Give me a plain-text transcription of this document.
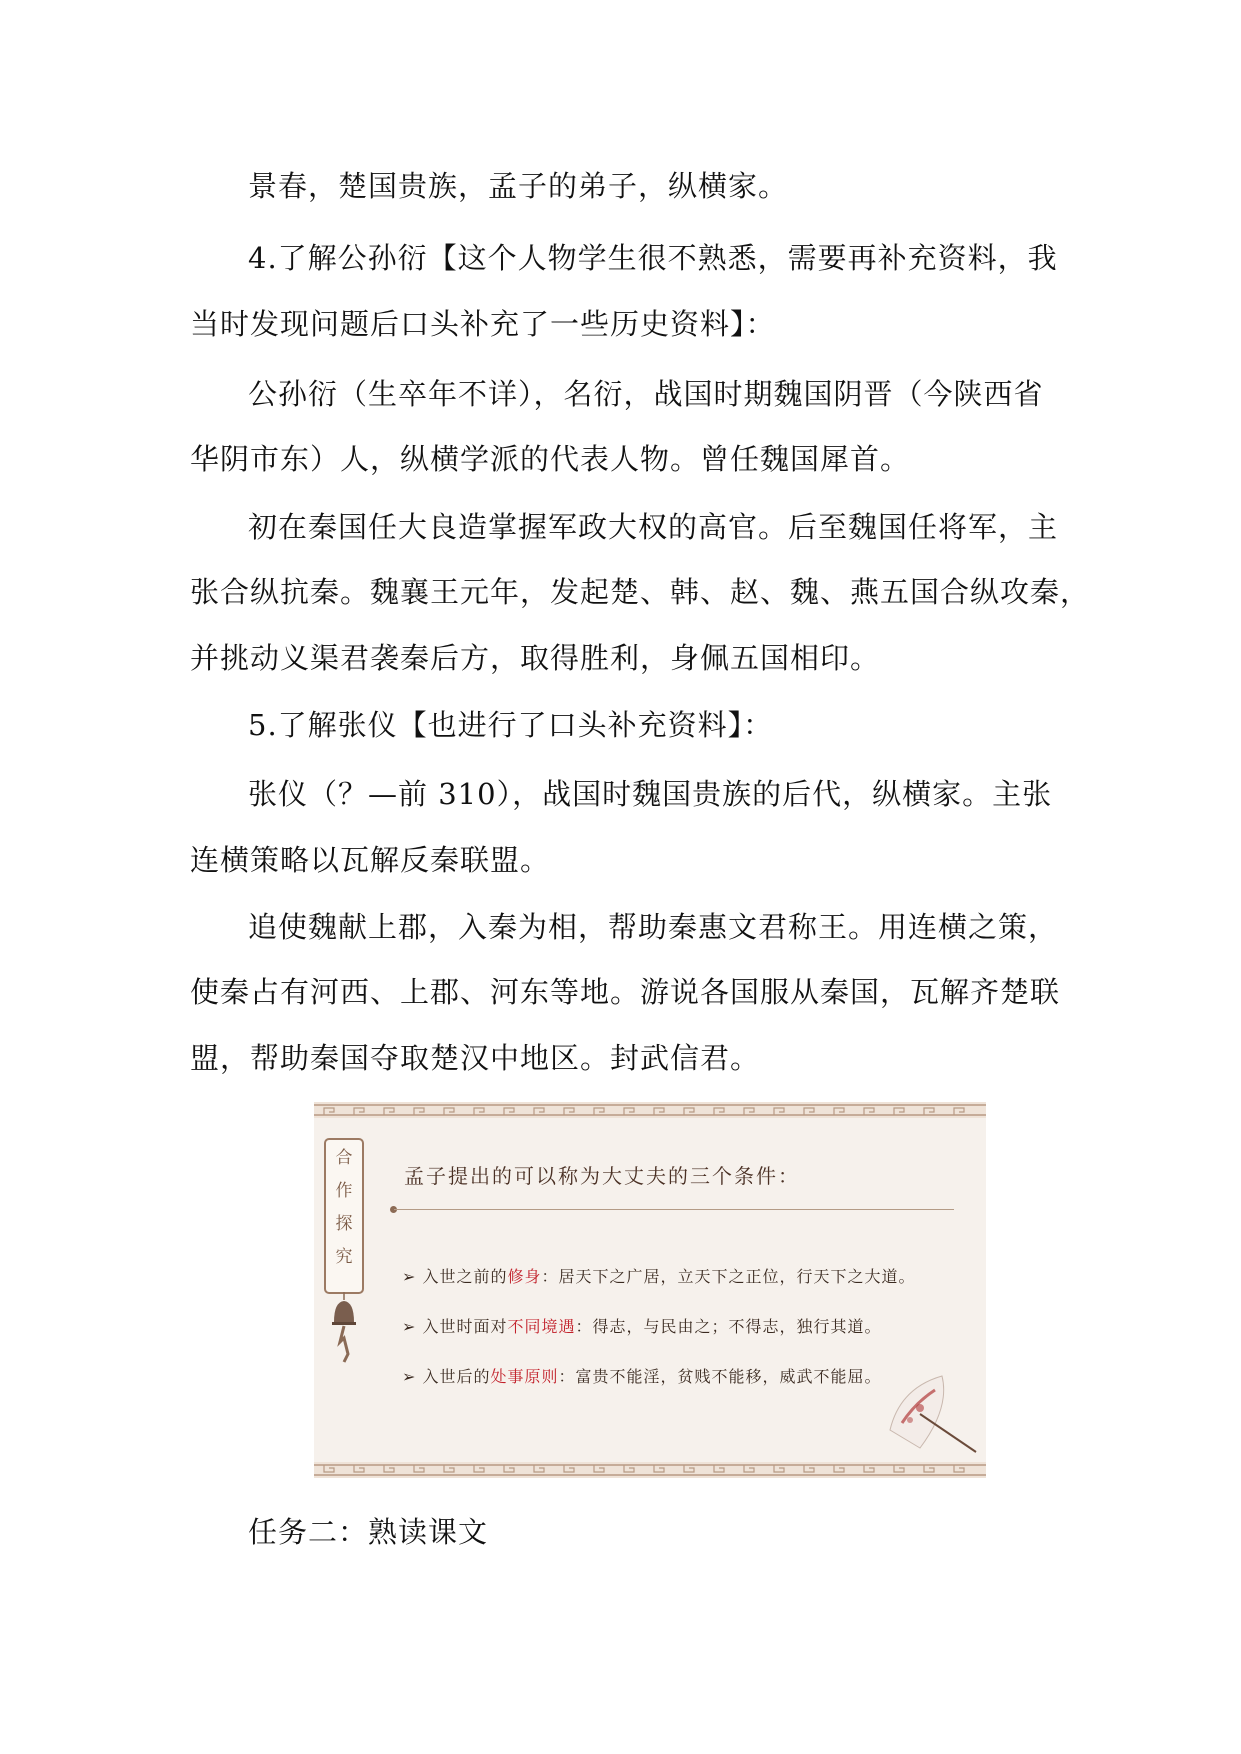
景春，楚国贵族，孟子的弟子，纵横家。
4.了解公孙衍【这个人物学生很不熟悉，需要再补充资料，我
当时发现问题后口头补充了一些历史资料】：
公孙衍（生卒年不详），名衍，战国时期魏国阴晋（今陕西省
华阴市东）人，纵横学派的代表人物。曾任魏国犀首。
初在秦国任大良造掌握军政大权的高官。后至魏国任将军，主
张合纵抗秦。魏襄王元年，发起楚、韩、赵、魏、燕五国合纵攻秦，
并挑动义渠君袭秦后方，取得胜利，身佩五国相印。
5.了解张仪【也进行了口头补充资料】：
张仪（？—前 310），战国时魏国贵族的后代，纵横家。主张
连横策略以瓦解反秦联盟。
追使魏献上郡，入秦为相，帮助秦惠文君称王。用连横之策，
使秦占有河西、上郡、河东等地。游说各国服从秦国，瓦解齐楚联
盟，帮助秦国夺取楚汉中地区。封武信君。
合
作
探
究
孟子提出的可以称为大丈夫的三个条件：
➢ 入世之前的修身：居天下之广居，立天下之正位，行天下之大道。
➢ 入世时面对不同境遇：得志，与民由之；不得志，独行其道。
➢ 入世后的处事原则：富贵不能淫，贫贱不能移，威武不能屈。
任务二：熟读课文
